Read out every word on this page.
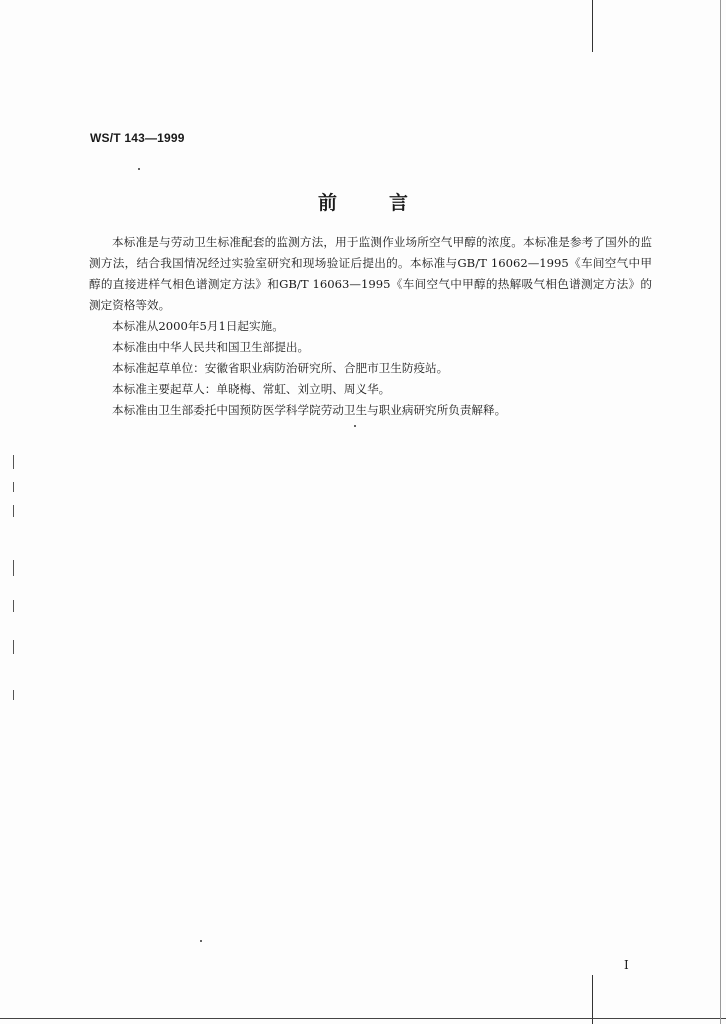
WS/T 143—1999
前言

本标准是与劳动卫生标准配套的监测方法，用于监测作业场所空气甲醇的浓度。本标准是参考了国外的监测方法，结合我国情况经过实验室研究和现场验证后提出的。本标准与GB/T 16062—1995《车间空气中甲醇的直接进样气相色谱测定方法》和GB/T 16063—1995《车间空气中甲醇的热解吸气相色谱测定方法》的测定资格等效。

本标准从2000年5月1日起实施。

本标准由中华人民共和国卫生部提出。

本标准起草单位：安徽省职业病防治研究所、合肥市卫生防疫站。

本标准主要起草人：单晓梅、常虹、刘立明、周义华。

本标准由卫生部委托中国预防医学科学院劳动卫生与职业病研究所负责解释。

I
